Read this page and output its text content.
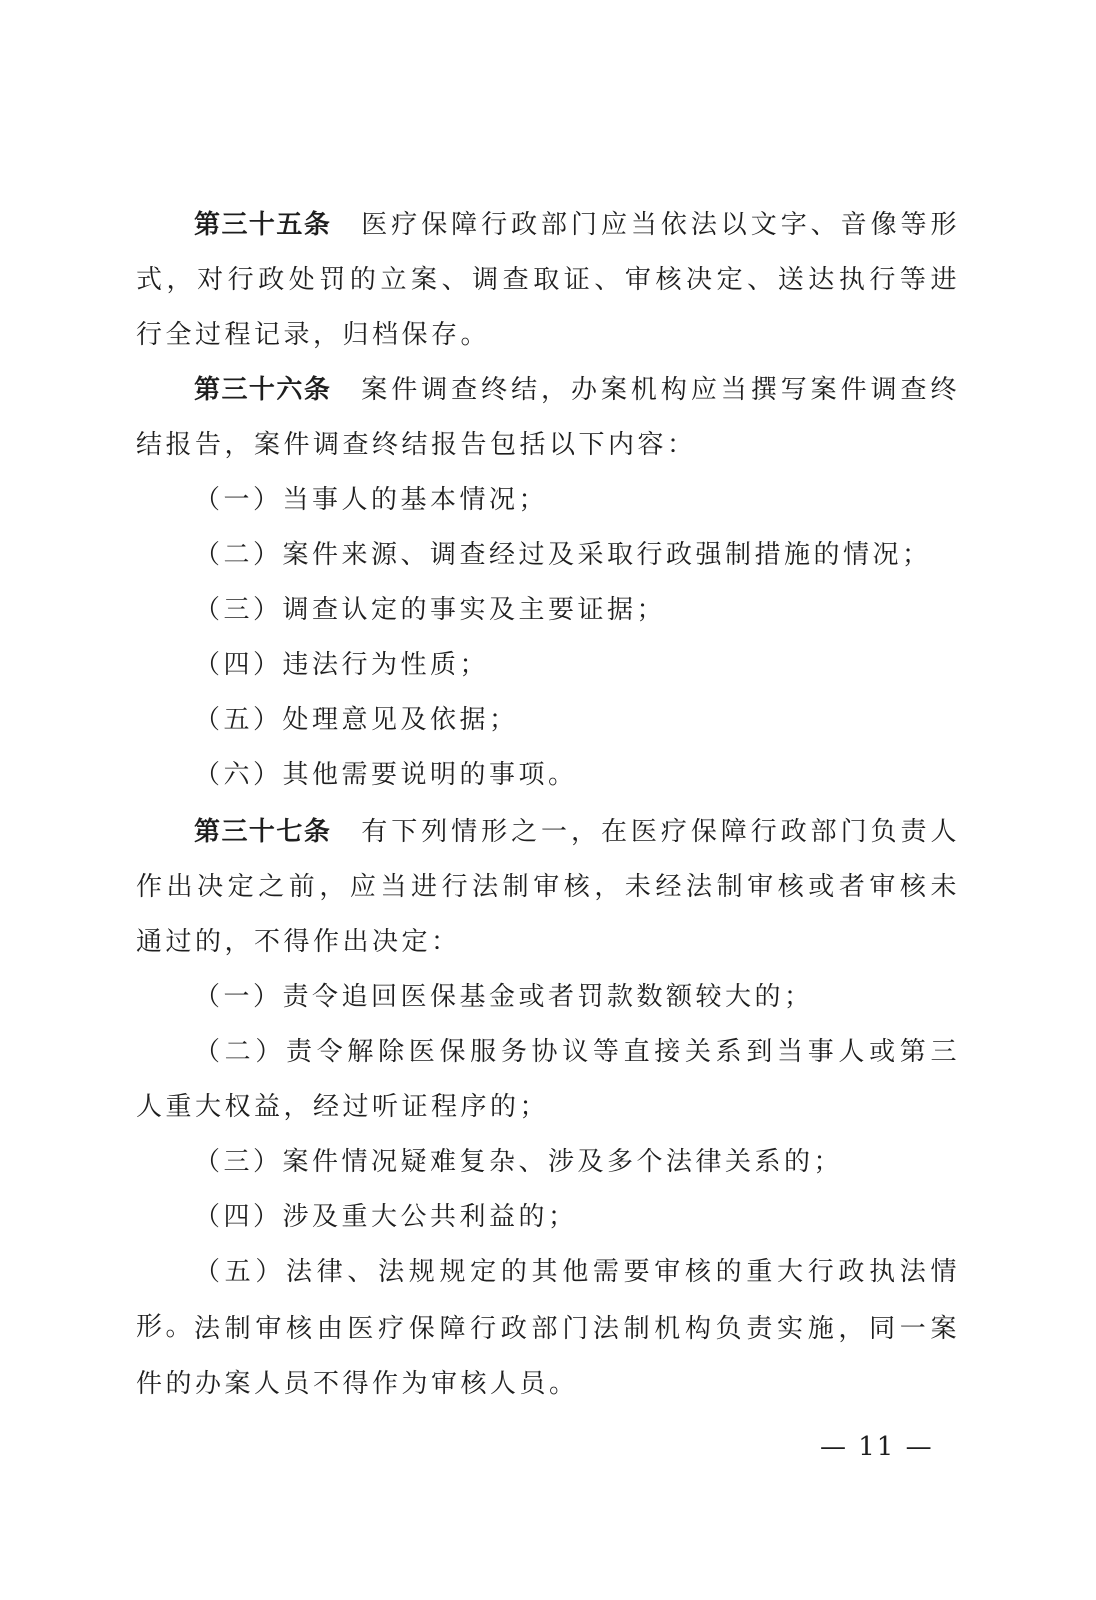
第三十五条 医疗保障行政部门应当依法以文字、音像等形式，对行政处罚的立案、调查取证、审核决定、送达执行等进行全过程记录，归档保存。

第三十六条 案件调查终结，办案机构应当撰写案件调查终结报告，案件调查终结报告包括以下内容：

（一）当事人的基本情况；

（二）案件来源、调查经过及采取行政强制措施的情况；

（三）调查认定的事实及主要证据；

（四）违法行为性质；

（五）处理意见及依据；

（六）其他需要说明的事项。

第三十七条 有下列情形之一，在医疗保障行政部门负责人作出决定之前，应当进行法制审核，未经法制审核或者审核未通过的，不得作出决定：

（一）责令追回医保基金或者罚款数额较大的；

（二）责令解除医保服务协议等直接关系到当事人或第三人重大权益，经过听证程序的；

（三）案件情况疑难复杂、涉及多个法律关系的；

（四）涉及重大公共利益的；

（五）法律、法规规定的其他需要审核的重大行政执法情形。

法制审核由医疗保障行政部门法制机构负责实施，同一案件的办案人员不得作为审核人员。

— 11 —
